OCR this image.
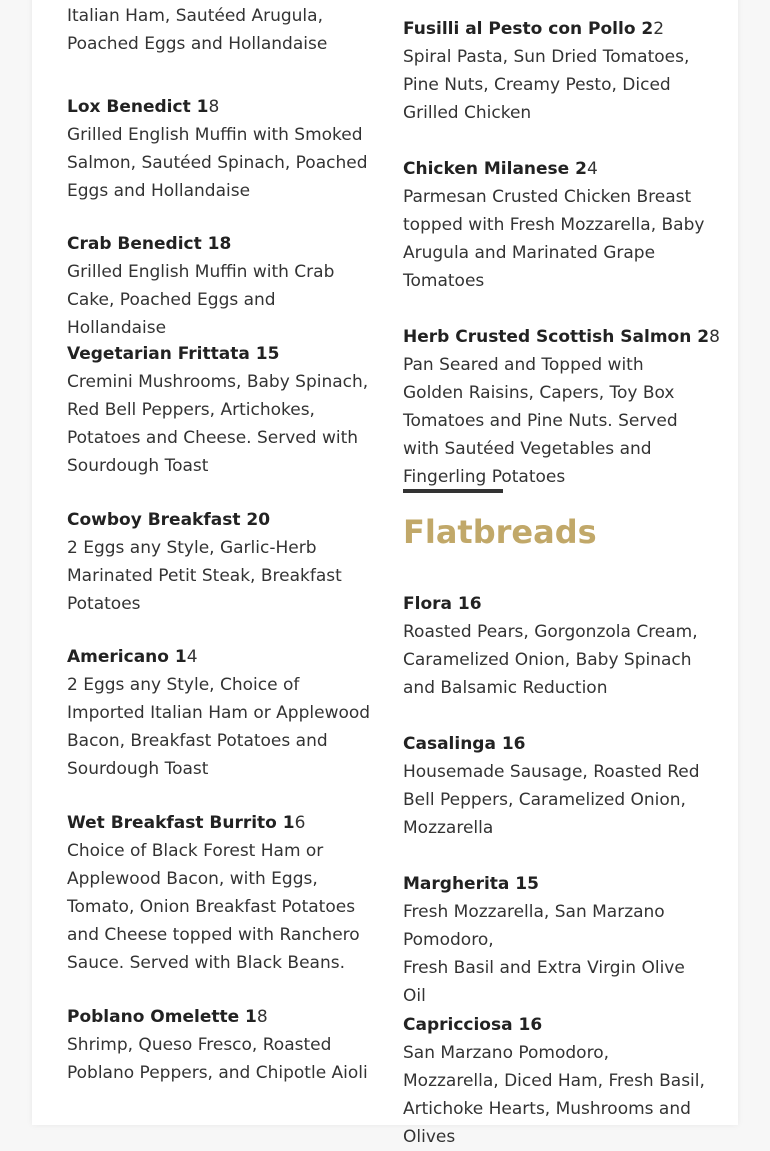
Italian Ham, Sautéed Arugula, Poached Eggs and Hollandaise
Lox Benedict 18
Grilled English Muffin with Smoked Salmon, Sautéed Spinach, Poached Eggs and Hollandaise
Crab Benedict 18
Grilled English Muffin with Crab Cake, Poached Eggs and Hollandaise
Vegetarian Frittata 15
Cremini Mushrooms, Baby Spinach, Red Bell Peppers, Artichokes, Potatoes and Cheese. Served with Sourdough Toast
Cowboy Breakfast 20
2 Eggs any Style, Garlic-Herb Marinated Petit Steak, Breakfast Potatoes
Americano 14
2 Eggs any Style, Choice of Imported Italian Ham or Applewood Bacon, Breakfast Potatoes and Sourdough Toast
Wet Breakfast Burrito 16
Choice of Black Forest Ham or Applewood Bacon, with Eggs, Tomato, Onion Breakfast Potatoes and Cheese topped with Ranchero Sauce. Served with Black Beans.
Poblano Omelette 18
Shrimp, Queso Fresco, Roasted Poblano Peppers, and Chipotle Aioli
Fusilli al Pesto con Pollo 22
Spiral Pasta, Sun Dried Tomatoes, Pine Nuts, Creamy Pesto, Diced Grilled Chicken
Chicken Milanese 24
Parmesan Crusted Chicken Breast topped with Fresh Mozzarella, Baby Arugula and Marinated Grape Tomatoes
Herb Crusted Scottish Salmon 28
Pan Seared and Topped with Golden Raisins, Capers, Toy Box Tomatoes and Pine Nuts. Served with Sautéed Vegetables and Fingerling Potatoes
Flora 16
Roasted Pears, Gorgonzola Cream, Caramelized Onion, Baby Spinach and Balsamic Reduction
Casalinga 16
Housemade Sausage, Roasted Red Bell Peppers, Caramelized Onion, Mozzarella
Margherita 15
Fresh Mozzarella, San Marzano Pomodoro,
Fresh Basil and Extra Virgin Olive Oil
Capricciosa 16
San Marzano Pomodoro, Mozzarella, Diced Ham, Fresh Basil, Artichoke Hearts, Mushrooms and Olives
Flatbreads
